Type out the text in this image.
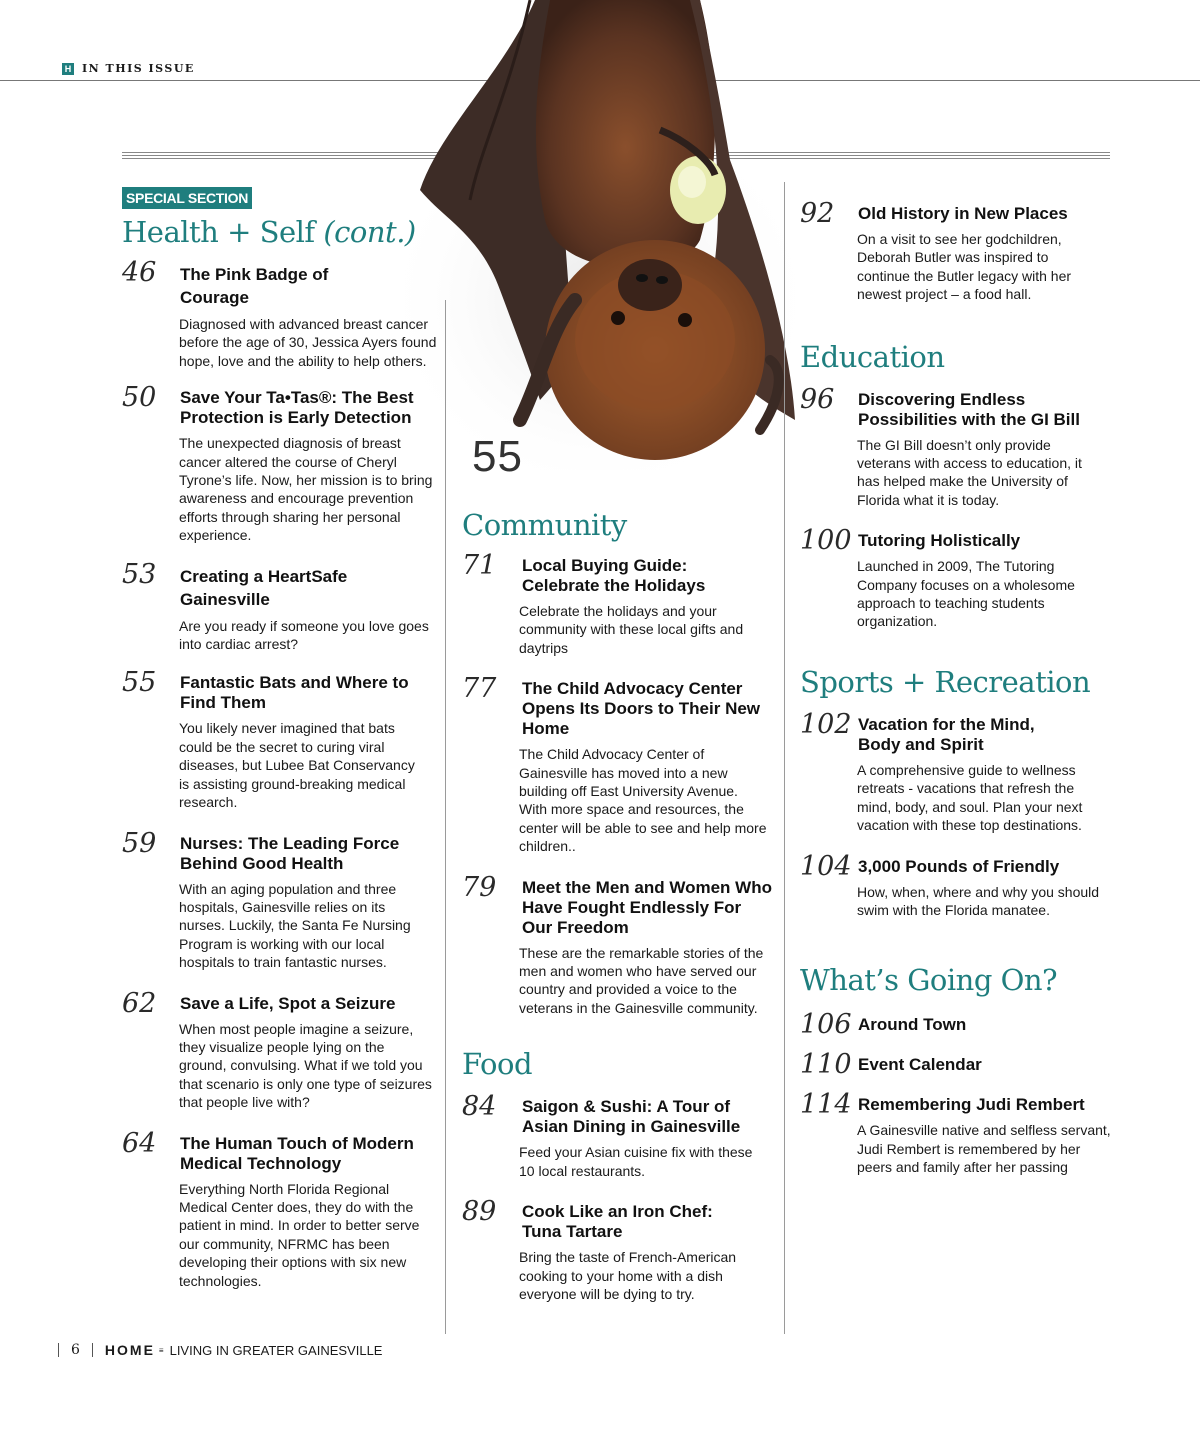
H IN THIS ISSUE
55
SPECIAL SECTION
Health + Self (cont.)
46 The Pink Badge of Courage
Diagnosed with advanced breast cancer before the age of 30, Jessica Ayers found hope, love and the ability to help others.
50 Save Your Ta•Tas®: The Best Protection is Early Detection
The unexpected diagnosis of breast cancer altered the course of Cheryl Tyrone’s life. Now, her mission is to bring awareness and encourage prevention efforts through sharing her personal experience.
53 Creating a HeartSafe Gainesville
Are you ready if someone you love goes into cardiac arrest?
55 Fantastic Bats and Where to Find Them
You likely never imagined that bats could be the secret to curing viral diseases, but Lubee Bat Conservancy is assisting ground-breaking medical research.
59 Nurses: The Leading Force Behind Good Health
With an aging population and three hospitals, Gainesville relies on its nurses. Luckily, the Santa Fe Nursing Program is working with our local hospitals to train fantastic nurses.
62 Save a Life, Spot a Seizure
When most people imagine a seizure, they visualize people lying on the ground, convulsing. What if we told you that scenario is only one type of seizures that people live with?
64 The Human Touch of Modern Medical Technology
Everything North Florida Regional Medical Center does, they do with the patient in mind. In order to better serve our community, NFRMC has been developing their options with six new technologies.
Community
71 Local Buying Guide: Celebrate the Holidays
Celebrate the holidays and your community with these local gifts and daytrips
77 The Child Advocacy Center Opens Its Doors to Their New Home
The Child Advocacy Center of Gainesville has moved into a new building off East University Avenue. With more space and resources, the center will be able to see and help more children..
79 Meet the Men and Women Who Have Fought Endlessly For Our Freedom
These are the remarkable stories of the men and women who have served our country and provided a voice to the veterans in the Gainesville community.
Food
84 Saigon & Sushi: A Tour of Asian Dining in Gainesville
Feed your Asian cuisine fix with these 10 local restaurants.
89 Cook Like an Iron Chef: Tuna Tartare
Bring the taste of French-American cooking to your home with a dish everyone will be dying to try.
92 Old History in New Places
On a visit to see her godchildren, Deborah Butler was inspired to continue the Butler legacy with her newest project – a food hall.
Education
96 Discovering Endless Possibilities with the GI Bill
The GI Bill doesn’t only provide veterans with access to education, it has helped make the University of Florida what it is today.
100 Tutoring Holistically
Launched in 2009, The Tutoring Company focuses on a wholesome approach to teaching students organization.
Sports + Recreation
102 Vacation for the Mind, Body and Spirit
A comprehensive guide to wellness retreats - vacations that refresh the mind, body, and soul. Plan your next vacation with these top destinations.
104 3,000 Pounds of Friendly
How, when, where and why you should swim with the Florida manatee.
What’s Going On?
106 Around Town
110 Event Calendar
114 Remembering Judi Rembert
A Gainesville native and selfless servant, Judi Rembert is remembered by her peers and family after her passing
6 HOME ≡ LIVING IN GREATER GAINESVILLE
